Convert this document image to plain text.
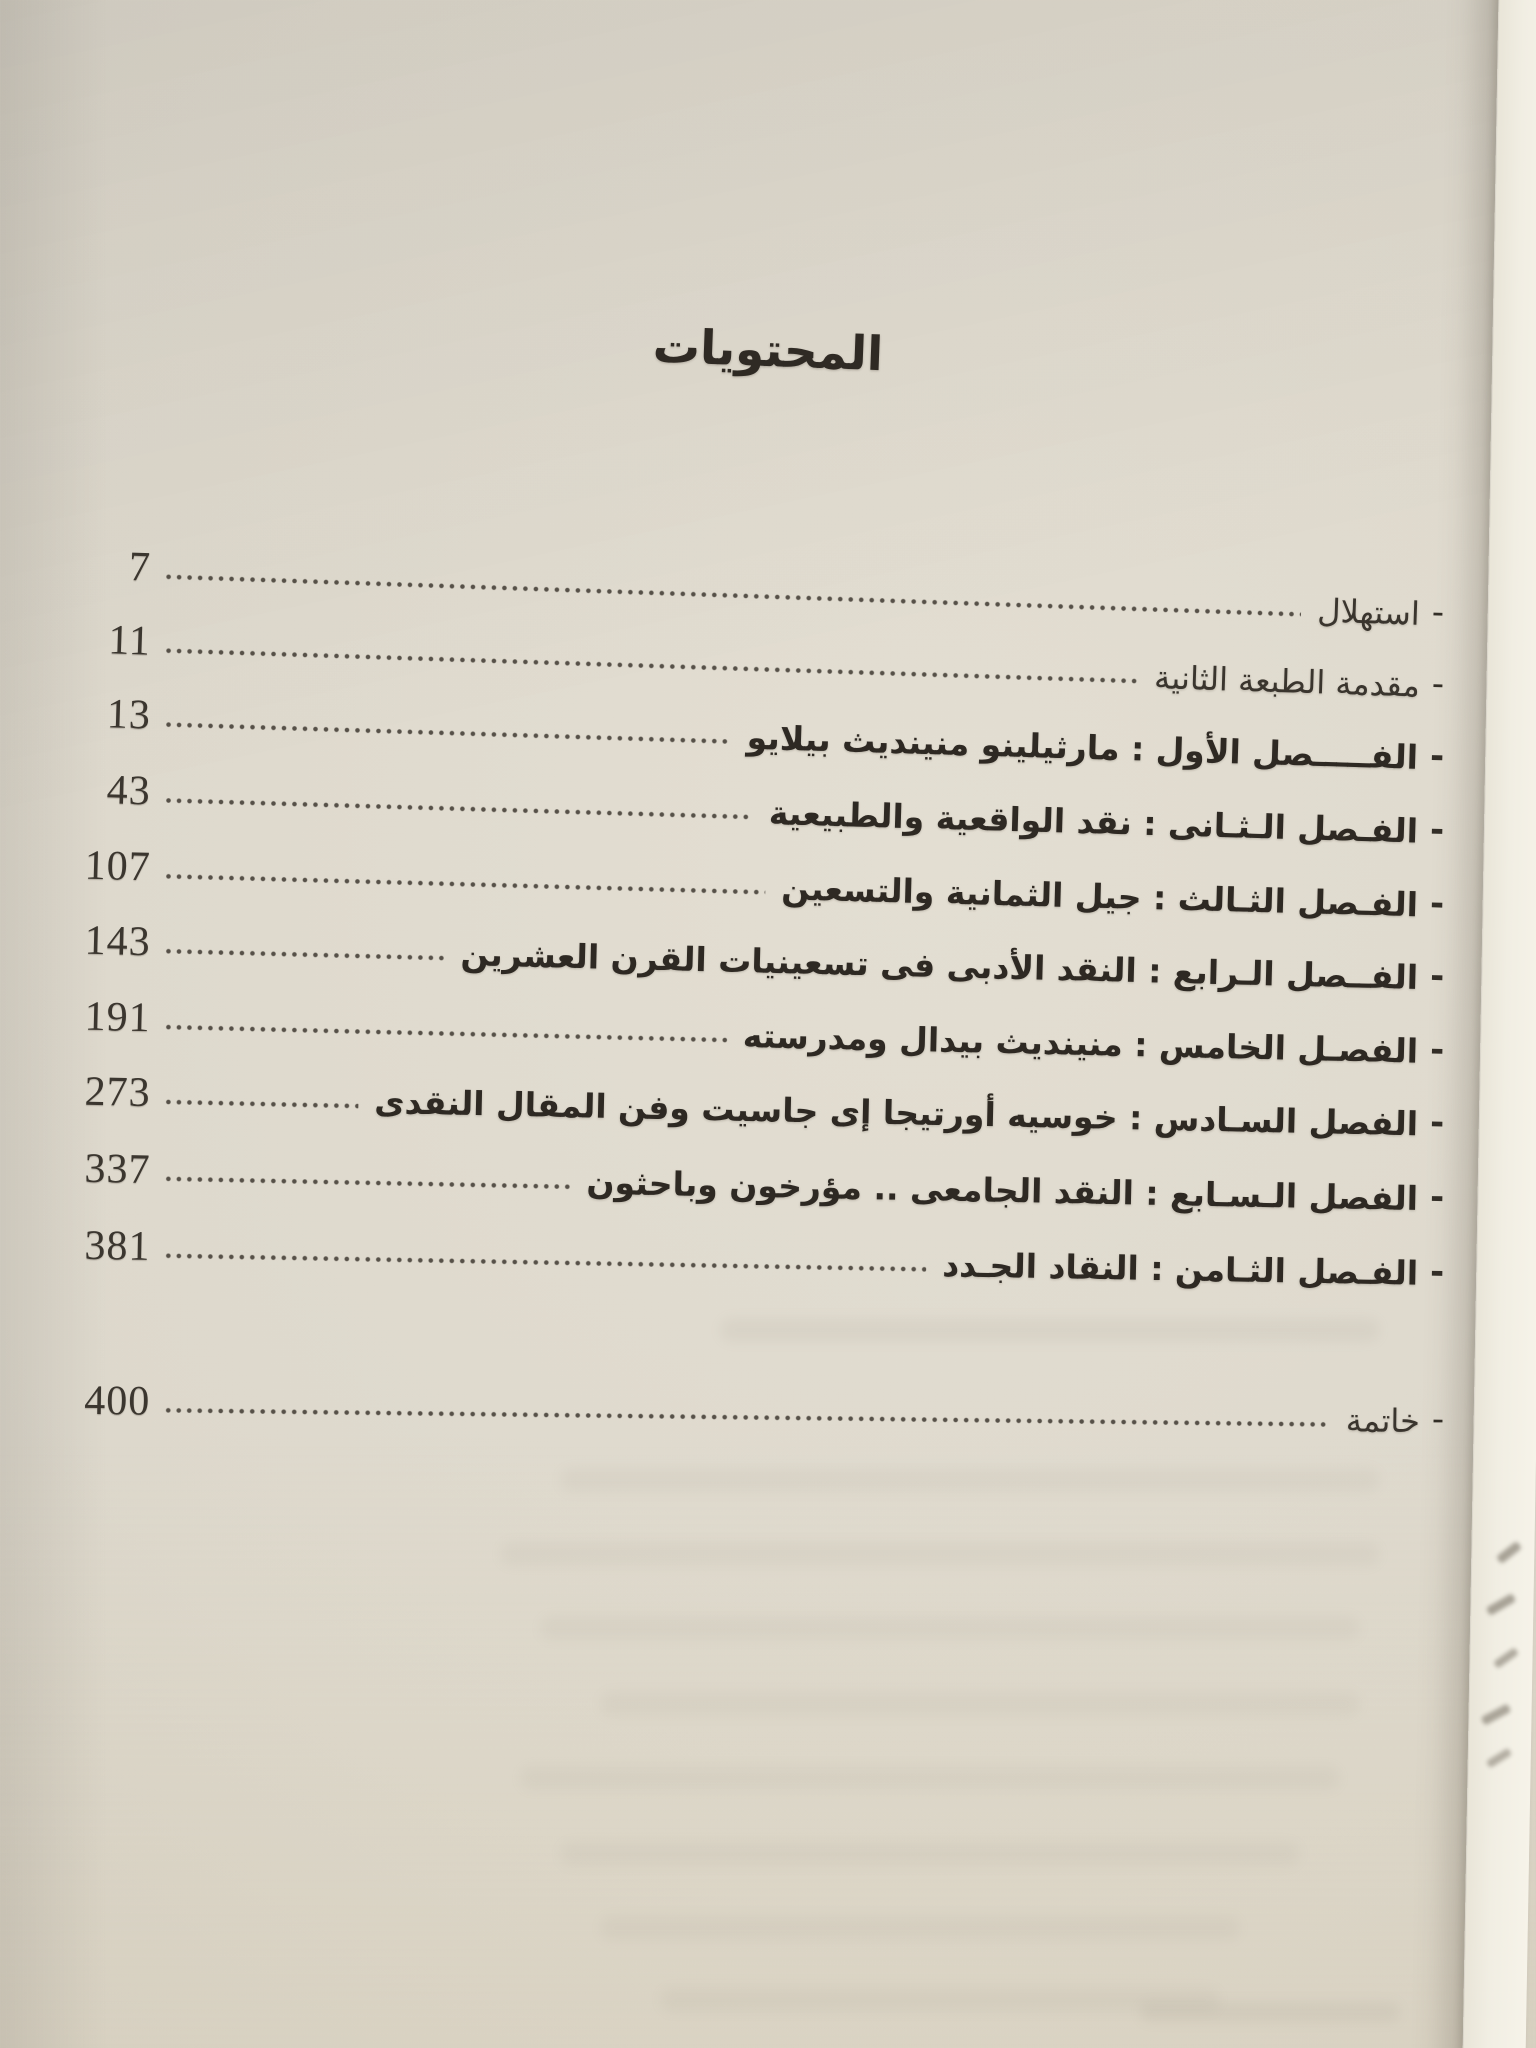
المحتويات
-
استهلال
7
-
مقدمة الطبعة الثانية
11
-
الفـــــصل الأول : مارثيلينو منينديث بيلايو
13
-
الفـصل الـثـانى : نقد الواقعية والطبيعية
43
-
الفـصل الثـالث : جيل الثمانية والتسعين
107
-
الفــصل الـرابع : النقد الأدبى فى تسعينيات القرن العشرين
143
-
الفصـل الخامس : منينديث بيدال ومدرسته
191
-
الفصل السـادس : خوسيه أورتيجا إى جاسيت وفن المقال النقدى
273
-
الفصل الـسـابع : النقد الجامعى .. مؤرخون وباحثون
337
-
الفـصل الثـامن : النقاد الجـدد
381
-
خاتمة
400
